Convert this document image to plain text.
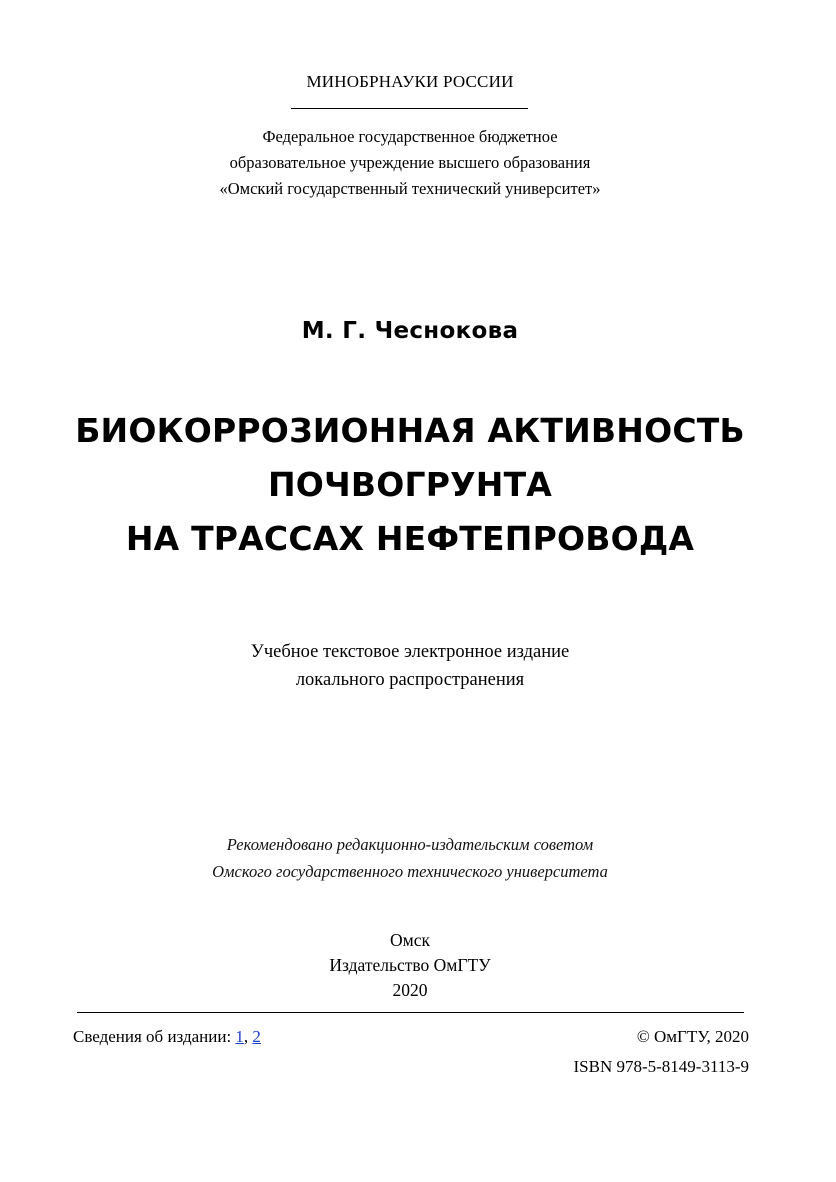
МИНОБРНАУКИ РОССИИ
Федеральное государственное бюджетное
образовательное учреждение высшего образования
«Омский государственный технический университет»
М. Г. Чеснокова
БИОКОРРОЗИОННАЯ АКТИВНОСТЬ
ПОЧВОГРУНТА
НА ТРАССАХ НЕФТЕПРОВОДА
Учебное текстовое электронное издание
локального распространения
Рекомендовано редакционно-издательским советом
Омского государственного технического университета
Омск
Издательство ОмГТУ
2020
Сведения об издании: 1, 2	© ОмГТУ, 2020
ISBN 978-5-8149-3113-9
